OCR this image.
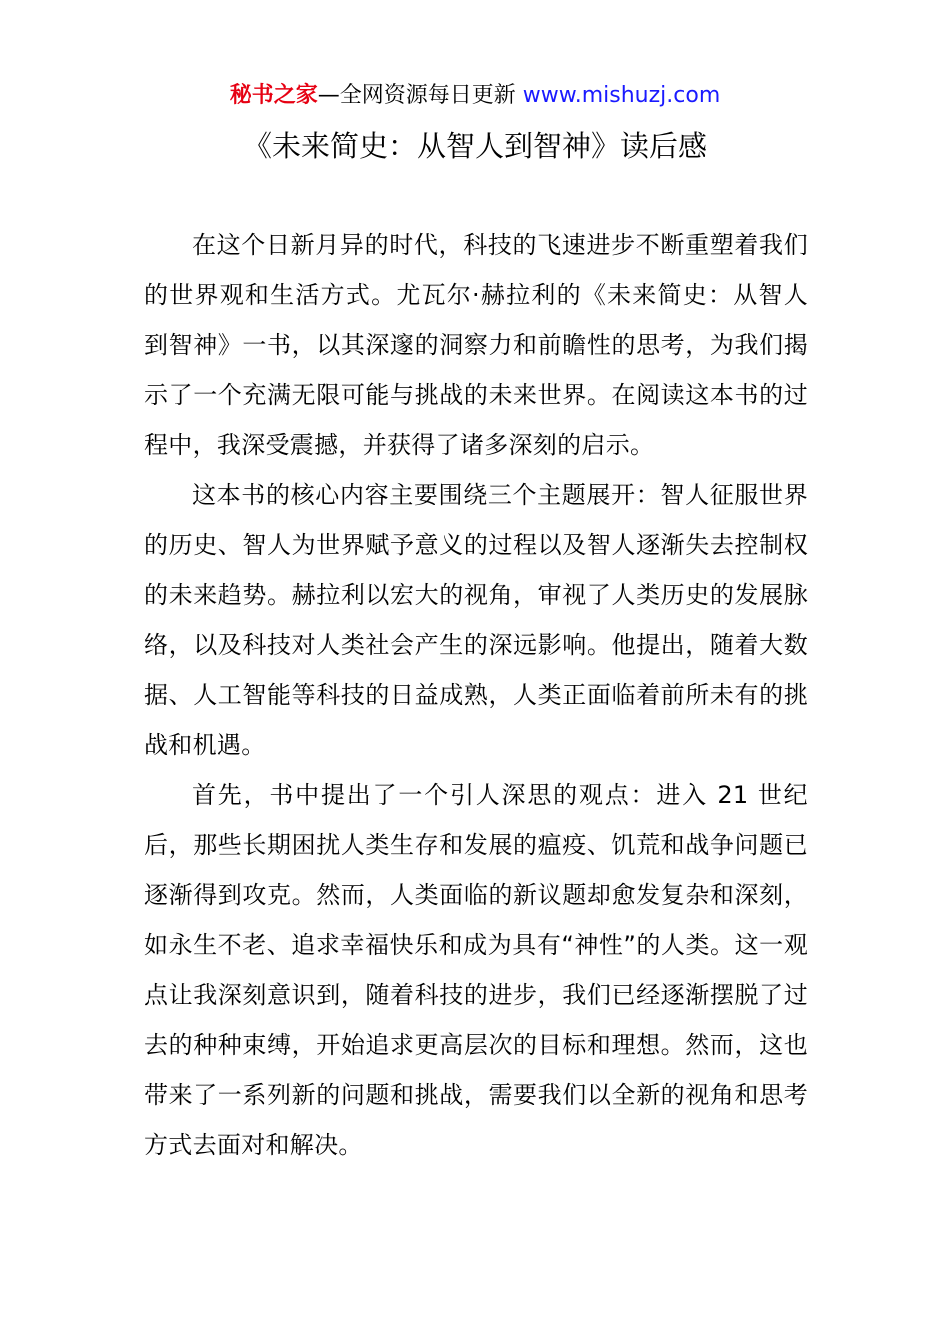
秘书之家—全网资源每日更新 www.mishuzj.com
《未来简史：从智人到智神》读后感

在这个日新月异的时代，科技的飞速进步不断重塑着我们的世界观和生活方式。尤瓦尔·赫拉利的《未来简史：从智人到智神》一书，以其深邃的洞察力和前瞻性的思考，为我们揭示了一个充满无限可能与挑战的未来世界。在阅读这本书的过程中，我深受震撼，并获得了诸多深刻的启示。

这本书的核心内容主要围绕三个主题展开：智人征服世界的历史、智人为世界赋予意义的过程以及智人逐渐失去控制权的未来趋势。赫拉利以宏大的视角，审视了人类历史的发展脉络，以及科技对人类社会产生的深远影响。他提出，随着大数据、人工智能等科技的日益成熟，人类正面临着前所未有的挑战和机遇。

首先，书中提出了一个引人深思的观点：进入 21 世纪后，那些长期困扰人类生存和发展的瘟疫、饥荒和战争问题已逐渐得到攻克。然而，人类面临的新议题却愈发复杂和深刻，如永生不老、追求幸福快乐和成为具有“神性”的人类。这一观点让我深刻意识到，随着科技的进步，我们已经逐渐摆脱了过去的种种束缚，开始追求更高层次的目标和理想。然而，这也带来了一系列新的问题和挑战，需要我们以全新的视角和思考方式去面对和解决。
